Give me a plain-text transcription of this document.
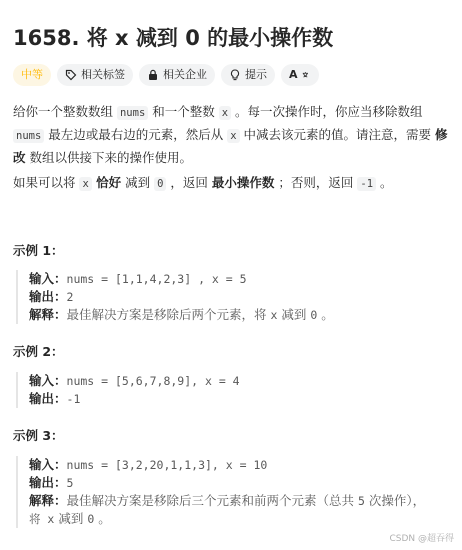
1658. 将 x 减到 0 的最小操作数
中等	相关标签	相关企业	提示 A
给你一个整数数组 nums 和一个整数 x 。每一次操作时，你应当移除数组
nums 最左边或最右边的元素，然后从 x 中减去该元素的值。请注意，需要 修
改 数组以供接下来的操作使用。
如果可以将 x 恰好 减到 0 ，返回 最小操作数 ；否则，返回 -1 。
示例 1：
输入：nums = [1,1,4,2,3] , x = 5
输出：2
解释：最佳解决方案是移除后两个元素，将 x 减到 0 。
示例 2：
输入：nums = [5,6,7,8,9], x = 4
输出：-1
示例 3：
输入：nums = [3,2,20,1,1,3], x = 10
输出：5
解释：最佳解决方案是移除后三个元素和前两个元素（总共 5 次操作），
将 x 减到 0 。
CSDN @超吞得
